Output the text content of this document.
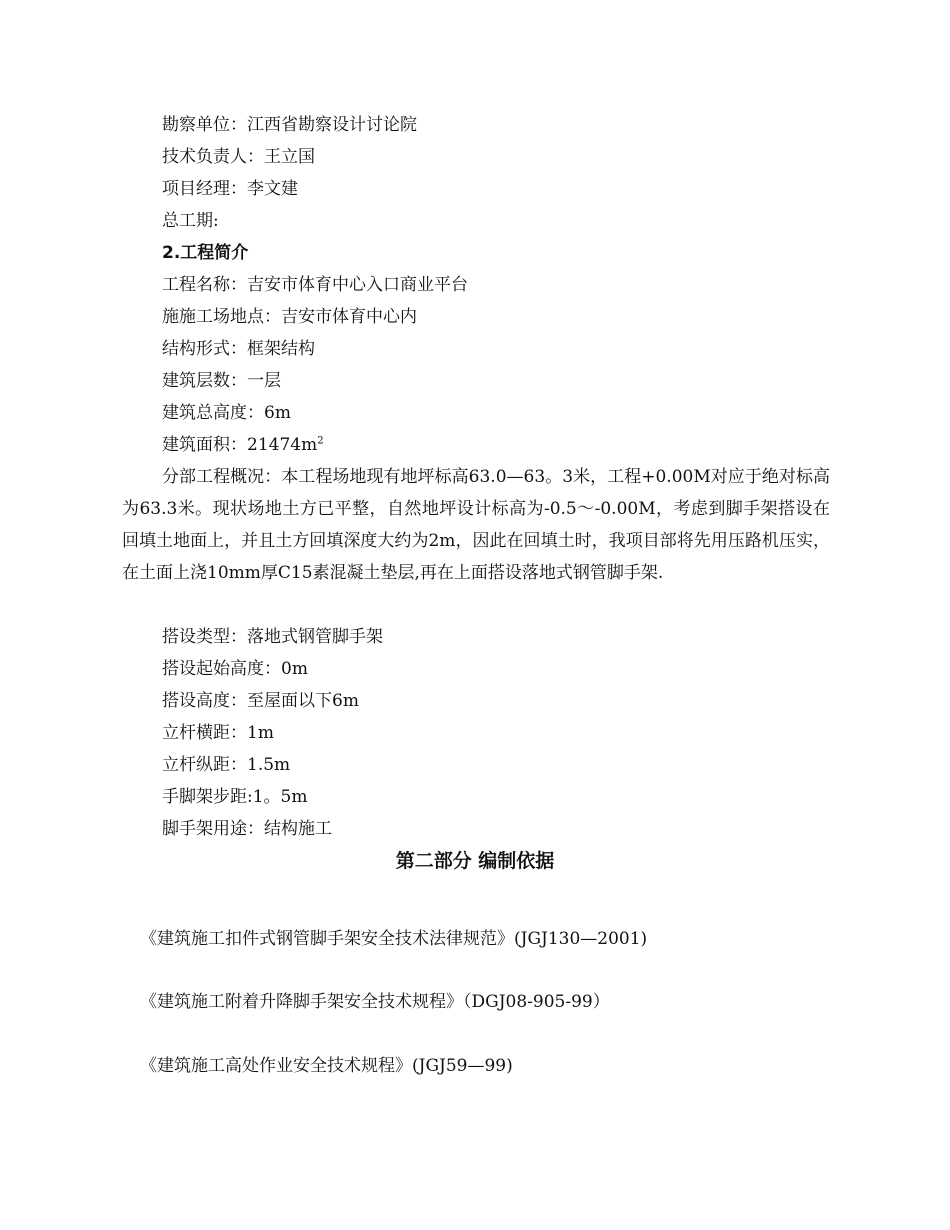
勘察单位：江西省勘察设计讨论院
技术负责人：王立国
项目经理：李文建
总工期:
2.工程简介
工程名称：吉安市体育中心入口商业平台
施施工场地点：吉安市体育中心内
结构形式：框架结构
建筑层数：一层
建筑总高度：6m
建筑面积：$21474m^2$

分部工程概况：本工程场地现有地坪标高63.0—63。3米，工程+0.00M对应于绝对标高为63.3米。现状场地土方已平整，自然地坪设计标高为-0.5～-0.00M，考虑到脚手架搭设在回填土地面上，并且土方回填深度大约为2m，因此在回填土时，我项目部将先用压路机压实，在土面上浇10mm厚C15素混凝土垫层,再在上面搭设落地式钢管脚手架.

搭设类型：落地式钢管脚手架
搭设起始高度：0m
搭设高度：至屋面以下6m
立杆横距：1m
立杆纵距：1.5m
手脚架步距:1。5m
脚手架用途：结构施工
第二部分 编制依据
《建筑施工扣件式钢管脚手架安全技术法律规范》(JGJ130—2001)
《建筑施工附着升降脚手架安全技术规程》（DGJ08-905-99）
《建筑施工高处作业安全技术规程》(JGJ59—99)
